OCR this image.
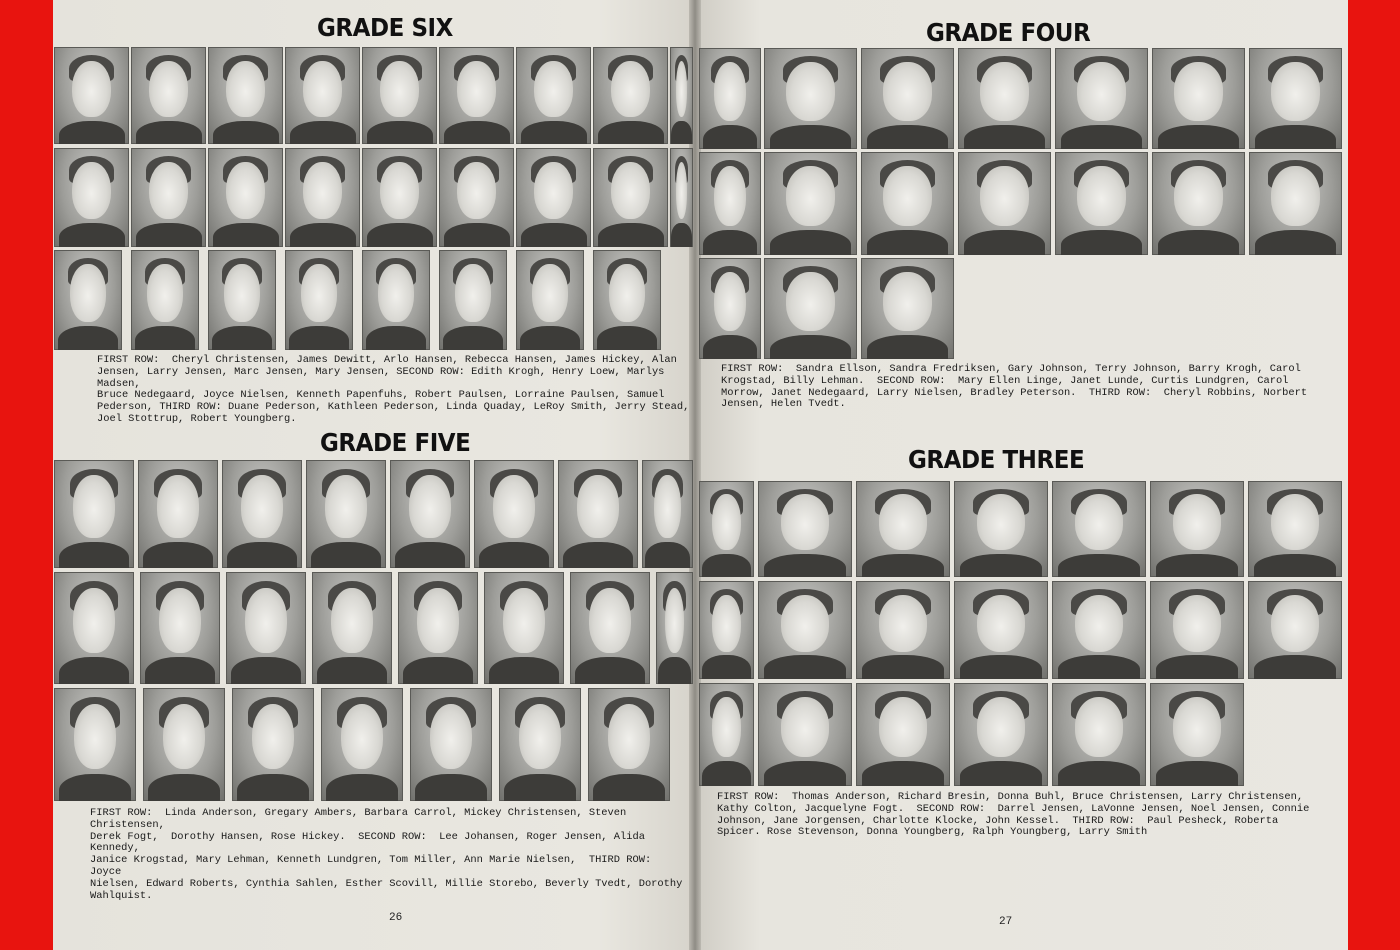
GRADE SIX
FIRST ROW:  Cheryl Christensen, James Dewitt, Arlo Hansen, Rebecca Hansen, James Hickey, Alan
Jensen, Larry Jensen, Marc Jensen, Mary Jensen, SECOND ROW: Edith Krogh, Henry Loew, Marlys Madsen,
Bruce Nedegaard, Joyce Nielsen, Kenneth Papenfuhs, Robert Paulsen, Lorraine Paulsen, Samuel
Pederson, THIRD ROW: Duane Pederson, Kathleen Pederson, Linda Quaday, LeRoy Smith, Jerry Stead,
Joel Stottrup, Robert Youngberg.
GRADE FIVE
FIRST ROW:  Linda Anderson, Gregary Ambers, Barbara Carrol, Mickey Christensen, Steven Christensen,
Derek Fogt,  Dorothy Hansen, Rose Hickey.  SECOND ROW:  Lee Johansen, Roger Jensen, Alida Kennedy,
Janice Krogstad, Mary Lehman, Kenneth Lundgren, Tom Miller, Ann Marie Nielsen,  THIRD ROW:  Joyce
Nielsen, Edward Roberts, Cynthia Sahlen, Esther Scovill, Millie Storebo, Beverly Tvedt, Dorothy
Wahlquist.
26
GRADE FOUR
FIRST ROW:  Sandra Ellson, Sandra Fredriksen, Gary Johnson, Terry Johnson, Barry Krogh, Carol
Krogstad, Billy Lehman.  SECOND ROW:  Mary Ellen Linge, Janet Lunde, Curtis Lundgren, Carol
Morrow, Janet Nedegaard, Larry Nielsen, Bradley Peterson.  THIRD ROW:  Cheryl Robbins, Norbert
Jensen, Helen Tvedt.
GRADE THREE
FIRST ROW:  Thomas Anderson, Richard Bresin, Donna Buhl, Bruce Christensen, Larry Christensen,
Kathy Colton, Jacquelyne Fogt.  SECOND ROW:  Darrel Jensen, LaVonne Jensen, Noel Jensen, Connie
Johnson, Jane Jorgensen, Charlotte Klocke, John Kessel.  THIRD ROW:  Paul Pesheck, Roberta
Spicer. Rose Stevenson, Donna Youngberg, Ralph Youngberg, Larry Smith
27
